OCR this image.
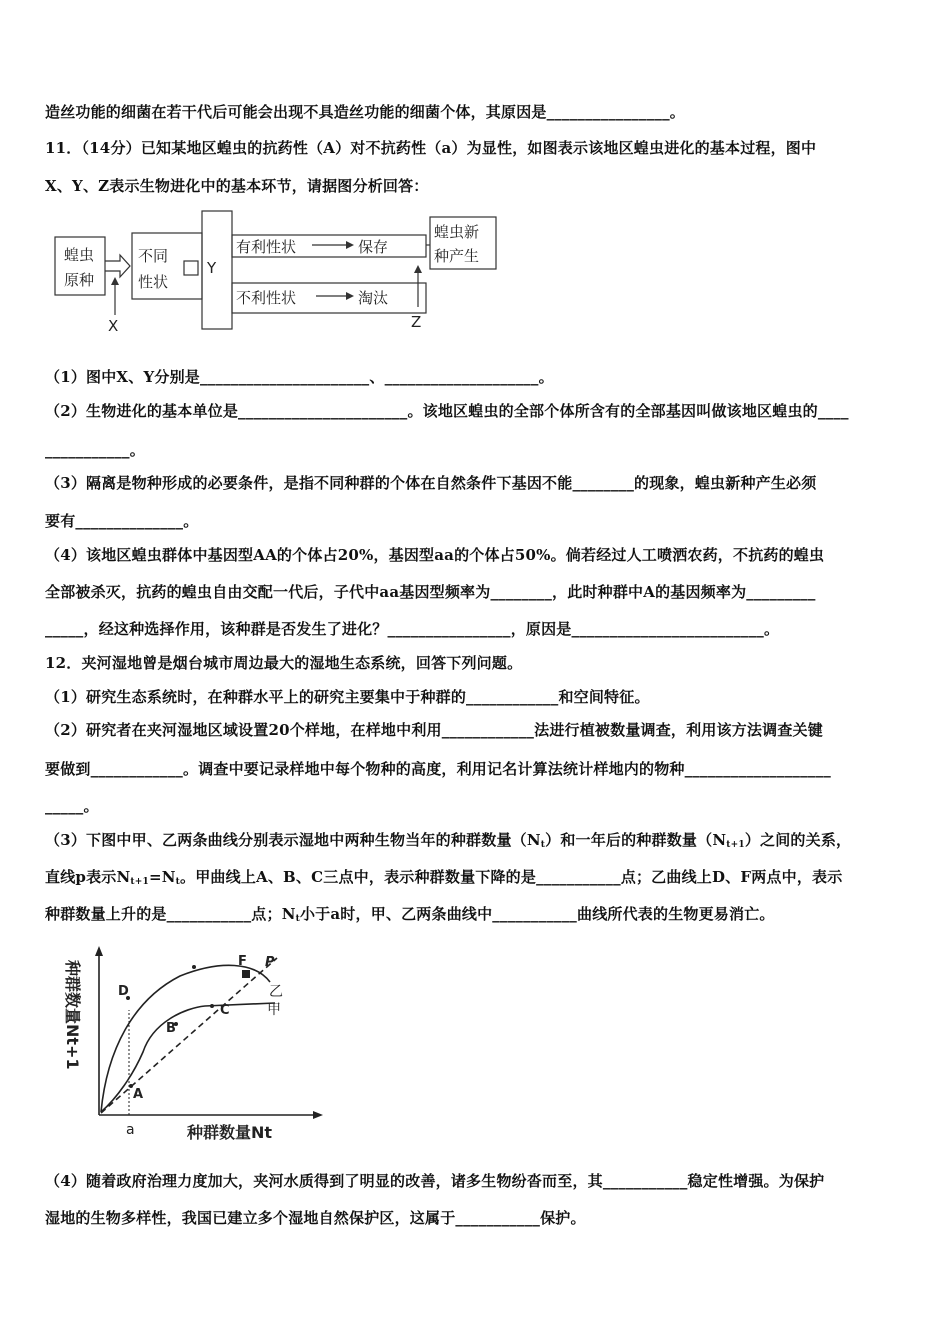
造丝功能的细菌在若干代后可能会出现不具造丝功能的细菌个体，其原因是________________。
11．（14分）已知某地区蝗虫的抗药性（A）对不抗药性（a）为显性，如图表示该地区蝗虫进化的基本过程，图中
X、Y、Z表示生物进化中的基本环节，请据图分析回答：
蝗虫
原种
不同
性状
Y
有利性状	保存
不利性状	淘汰
蝗虫新
种产生
X	Z
（1）图中X、Y分别是______________________、____________________。
（2）生物进化的基本单位是______________________。该地区蝗虫的全部个体所含有的全部基因叫做该地区蝗虫的____
___________。
（3）隔离是物种形成的必要条件，是指不同种群的个体在自然条件下基因不能________的现象，蝗虫新种产生必须
要有______________。
（4）该地区蝗虫群体中基因型AA的个体占20%，基因型aa的个体占50%。倘若经过人工喷洒农药，不抗药的蝗虫
全部被杀灭，抗药的蝗虫自由交配一代后，子代中aa基因型频率为________，此时种群中A的基因频率为_________
_____，经这种选择作用，该种群是否发生了进化？________________，原因是_________________________。
12．夹河湿地曾是烟台城市周边最大的湿地生态系统，回答下列问题。
（1）研究生态系统时，在种群水平上的研究主要集中于种群的____________和空间特征。
（2）研究者在夹河湿地区域设置20个样地，在样地中利用____________法进行植被数量调查，利用该方法调查关键
要做到____________。调查中要记录样地中每个物种的高度，利用记名计算法统计样地内的物种___________________
_____。
（3）下图中甲、乙两条曲线分别表示湿地中两种生物当年的种群数量$(N_t)$和一年后的种群数量$(N_{t+1})$之间的关系，
直线p表示$N_{t+1}=N_t$。甲曲线上A、B、C三点中，表示种群数量下降的是___________点；乙曲线上D、F两点中，表示
种群数量上升的是___________点；$N_t$小于a时，甲、乙两条曲线中___________曲线所代表的生物更易消亡。
D
F
B
C
A
P
乙
甲
a	种群数量Nt
种群数量Nt+1
（4）随着政府治理力度加大，夹河水质得到了明显的改善，诸多生物纷沓而至，其___________稳定性增强。为保护
湿地的生物多样性，我国已建立多个湿地自然保护区，这属于___________保护。
